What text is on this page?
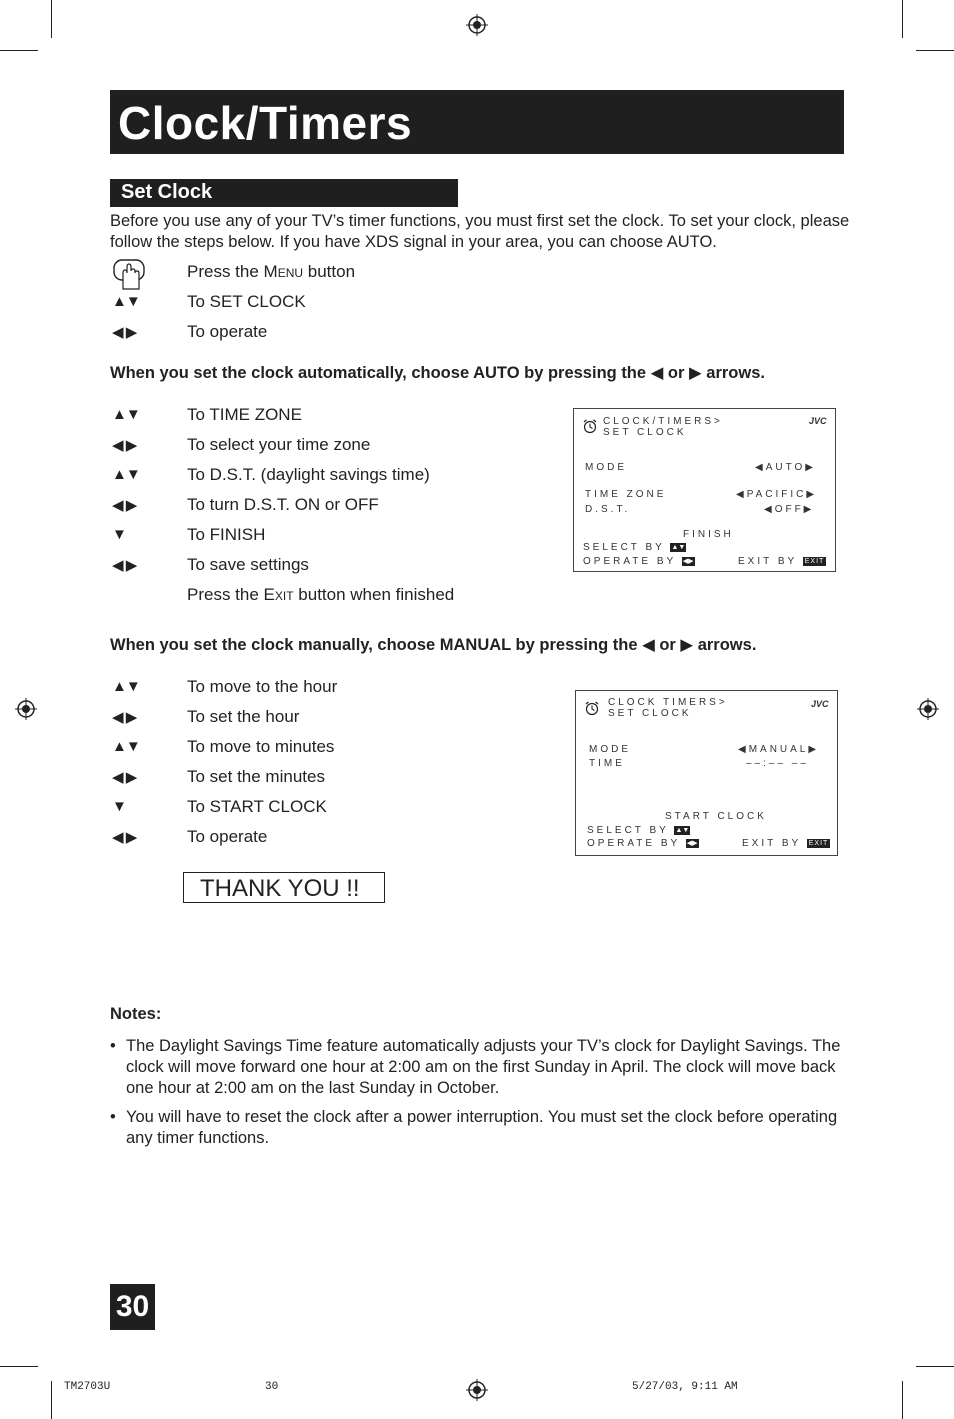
Clock/Timers
Set Clock
Before you use any of your TV’s timer functions, you must first set the clock. To set your clock, please follow the steps below. If you have XDS signal in your area, you can choose AUTO.
Press the Menu button
▲▼	To SET CLOCK
◀ ▶	To operate
When you set the clock automatically, choose AUTO by pressing the ◀ or ▶ arrows.
▲▼	To TIME ZONE
◀ ▶	To select your time zone
▲▼	To D.S.T. (daylight savings time)
◀ ▶	To turn D.S.T. ON or OFF
▼	To FINISH
◀ ▶	To save settings
Press the Exit button when finished
CLOCK/TIMERS>
SET CLOCK
JVC
MODE	◀AUTO▶
TIME ZONE	◀PACIFIC▶
D.S.T.	◀OFF▶
FINISH
SELECT BY ▲▼
OPERATE BY ◀▶	EXIT BY EXIT
When you set the clock manually, choose MANUAL by pressing the ◀ or ▶ arrows.
▲▼	To move to the hour
◀ ▶	To set the hour
▲▼	To move to minutes
◀ ▶	To set the minutes
▼	To START CLOCK
◀ ▶	To operate
CLOCK TIMERS>
SET CLOCK
JVC
MODE	◀MANUAL▶
TIME	––:–– ––
START CLOCK
SELECT BY ▲▼
OPERATE BY ◀▶	EXIT BY EXIT
THANK YOU !!
Notes:
• The Daylight Savings Time feature automatically adjusts your TV’s clock for Daylight Savings. The clock will move forward one hour at 2:00 am on the first Sunday in April. The clock will move back one hour at 2:00 am on the last Sunday in October.
• You will have to reset the clock after a power interruption. You must set the clock before operating any timer functions.
30
TM2703U	30	5/27/03, 9:11 AM
